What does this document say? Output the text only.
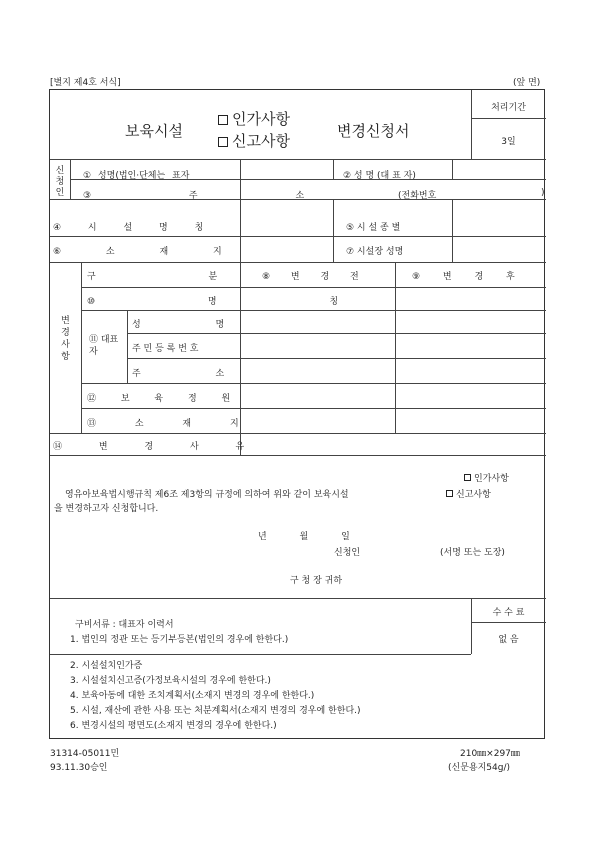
[별지 제4호 서식]	(앞 면)
보육시설
인가사항
신고사항
변경신청서
처리기간
3일
신청인
① 성명(법인·단체는 표자	② 성 명 (대 표 자)
③ 주 소	(전화번호	)
④ 시 설 명 칭	⑤ 시 설 종 별
⑥ 소 재 지	⑦ 시설장 성명
변경사항
구 분	⑧ 변 경 전	⑨ 변 경 후
⑩ 명 칭
⑪ 대표자
성 명
주 민 등 록 번 호
주 소
⑫ 보 육 정 원
⑬ 소 재 지
⑭ 변 경 사 유
인가사항
영유아보육법시행규칙 제6조 제3항의 규정에 의하여 위와 같이 보육시설	신고사항
을 변경하고자 신청합니다.
년 월 일
신청인	(서명 또는 도장)
구 청 장 귀하
구비서류 : 대표자 이력서
1. 법인의 정관 또는 등기부등본(법인의 경우에 한한다.)
2. 시설설치인가증
3. 시설설치신고증(가정보육시설의 경우에 한한다.)
4. 보육아동에 대한 조치계획서(소재지 변경의 경우에 한한다.)
5. 시설, 재산에 관한 사용 또는 처분계획서(소재지 변경의 경우에 한한다.)
6. 변경시설의 평면도(소재지 변경의 경우에 한한다.)
수 수 료
없 음
31314-05011민
93.11.30승인
210㎜×297㎜
(신문용지54g/)
